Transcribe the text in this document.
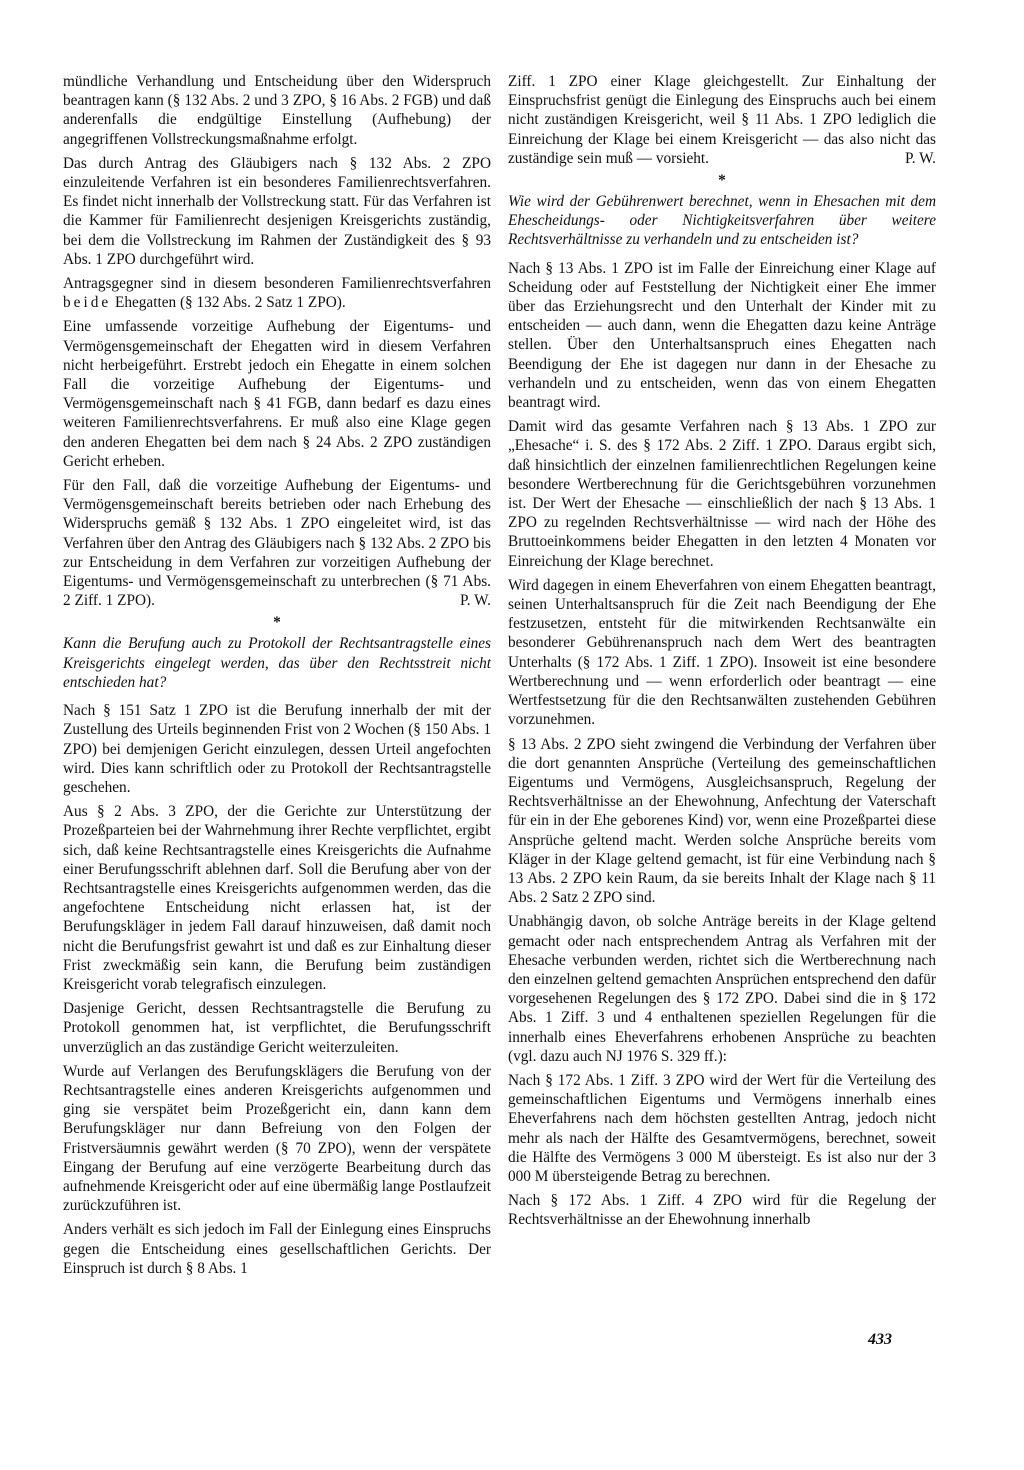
mündliche Verhandlung und Entscheidung über den Widerspruch beantragen kann (§ 132 Abs. 2 und 3 ZPO, § 16 Abs. 2 FGB) und daß anderenfalls die endgültige Einstellung (Aufhebung) der angegriffenen Vollstreckungsmaßnahme erfolgt.

Das durch Antrag des Gläubigers nach § 132 Abs. 2 ZPO einzuleitende Verfahren ist ein besonderes Familienrechtsverfahren. Es findet nicht innerhalb der Vollstreckung statt. Für das Verfahren ist die Kammer für Familienrecht desjenigen Kreisgerichts zuständig, bei dem die Vollstreckung im Rahmen der Zuständigkeit des § 93 Abs. 1 ZPO durchgeführt wird.

Antragsgegner sind in diesem besonderen Familienrechtsverfahren beide Ehegatten (§ 132 Abs. 2 Satz 1 ZPO).

Eine umfassende vorzeitige Aufhebung der Eigentums- und Vermögensgemeinschaft der Ehegatten wird in diesem Verfahren nicht herbeigeführt. Erstrebt jedoch ein Ehegatte in einem solchen Fall die vorzeitige Aufhebung der Eigentums- und Vermögensgemeinschaft nach § 41 FGB, dann bedarf es dazu eines weiteren Familienrechtsverfahrens. Er muß also eine Klage gegen den anderen Ehegatten bei dem nach § 24 Abs. 2 ZPO zuständigen Gericht erheben.

Für den Fall, daß die vorzeitige Aufhebung der Eigentums- und Vermögensgemeinschaft bereits betrieben oder nach Erhebung des Widerspruchs gemäß § 132 Abs. 1 ZPO eingeleitet wird, ist das Verfahren über den Antrag des Gläubigers nach § 132 Abs. 2 ZPO bis zur Entscheidung in dem Verfahren zur vorzeitigen Aufhebung der Eigentums- und Vermögensgemeinschaft zu unterbrechen (§ 71 Abs. 2 Ziff. 1 ZPO).	P. W.

*

Kann die Berufung auch zu Protokoll der Rechtsantragstelle eines Kreisgerichts eingelegt werden, das über den Rechtsstreit nicht entschieden hat?

Nach § 151 Satz 1 ZPO ist die Berufung innerhalb der mit der Zustellung des Urteils beginnenden Frist von 2 Wochen (§ 150 Abs. 1 ZPO) bei demjenigen Gericht einzulegen, dessen Urteil angefochten wird. Dies kann schriftlich oder zu Protokoll der Rechtsantragstelle geschehen.

Aus § 2 Abs. 3 ZPO, der die Gerichte zur Unterstützung der Prozeßparteien bei der Wahrnehmung ihrer Rechte verpflichtet, ergibt sich, daß keine Rechtsantragstelle eines Kreisgerichts die Aufnahme einer Berufungsschrift ablehnen darf. Soll die Berufung aber von der Rechtsantragstelle eines Kreisgerichts aufgenommen werden, das die angefochtene Entscheidung nicht erlassen hat, ist der Berufungskläger in jedem Fall darauf hinzuweisen, daß damit noch nicht die Berufungsfrist gewahrt ist und daß es zur Einhaltung dieser Frist zweckmäßig sein kann, die Berufung beim zuständigen Kreisgericht vorab telegrafisch einzulegen.

Dasjenige Gericht, dessen Rechtsantragstelle die Berufung zu Protokoll genommen hat, ist verpflichtet, die Berufungsschrift unverzüglich an das zuständige Gericht weiterzuleiten.

Wurde auf Verlangen des Berufungsklägers die Berufung von der Rechtsantragstelle eines anderen Kreisgerichts aufgenommen und ging sie verspätet beim Prozeßgericht ein, dann kann dem Berufungskläger nur dann Befreiung von den Folgen der Fristversäumnis gewährt werden (§ 70 ZPO), wenn der verspätete Eingang der Berufung auf eine verzögerte Bearbeitung durch das aufnehmende Kreisgericht oder auf eine übermäßig lange Postlaufzeit zurückzuführen ist.

Anders verhält es sich jedoch im Fall der Einlegung eines Einspruchs gegen die Entscheidung eines gesellschaftlichen Gerichts. Der Einspruch ist durch § 8 Abs. 1

Ziff. 1 ZPO einer Klage gleichgestellt. Zur Einhaltung der Einspruchsfrist genügt die Einlegung des Einspruchs auch bei einem nicht zuständigen Kreisgericht, weil § 11 Abs. 1 ZPO lediglich die Einreichung der Klage bei einem Kreisgericht — das also nicht das zuständige sein muß — vorsieht.	P. W.

*

Wie wird der Gebührenwert berechnet, wenn in Ehesachen mit dem Ehescheidungs- oder Nichtigkeitsverfahren über weitere Rechtsverhältnisse zu verhandeln und zu entscheiden ist?

Nach § 13 Abs. 1 ZPO ist im Falle der Einreichung einer Klage auf Scheidung oder auf Feststellung der Nichtigkeit einer Ehe immer über das Erziehungsrecht und den Unterhalt der Kinder mit zu entscheiden — auch dann, wenn die Ehegatten dazu keine Anträge stellen. Über den Unterhaltsanspruch eines Ehegatten nach Beendigung der Ehe ist dagegen nur dann in der Ehesache zu verhandeln und zu entscheiden, wenn das von einem Ehegatten beantragt wird.

Damit wird das gesamte Verfahren nach § 13 Abs. 1 ZPO zur „Ehesache“ i. S. des § 172 Abs. 2 Ziff. 1 ZPO. Daraus ergibt sich, daß hinsichtlich der einzelnen familienrechtlichen Regelungen keine besondere Wertberechnung für die Gerichtsgebühren vorzunehmen ist. Der Wert der Ehesache — einschließlich der nach § 13 Abs. 1 ZPO zu regelnden Rechtsverhältnisse — wird nach der Höhe des Bruttoeinkommens beider Ehegatten in den letzten 4 Monaten vor Einreichung der Klage berechnet.

Wird dagegen in einem Eheverfahren von einem Ehegatten beantragt, seinen Unterhaltsanspruch für die Zeit nach Beendigung der Ehe festzusetzen, entsteht für die mitwirkenden Rechtsanwälte ein besonderer Gebührenanspruch nach dem Wert des beantragten Unterhalts (§ 172 Abs. 1 Ziff. 1 ZPO). Insoweit ist eine besondere Wertberechnung und — wenn erforderlich oder beantragt — eine Wertfestsetzung für die den Rechtsanwälten zustehenden Gebühren vorzunehmen.

§ 13 Abs. 2 ZPO sieht zwingend die Verbindung der Verfahren über die dort genannten Ansprüche (Verteilung des gemeinschaftlichen Eigentums und Vermögens, Ausgleichsanspruch, Regelung der Rechtsverhältnisse an der Ehewohnung, Anfechtung der Vaterschaft für ein in der Ehe geborenes Kind) vor, wenn eine Prozeßpartei diese Ansprüche geltend macht. Werden solche Ansprüche bereits vom Kläger in der Klage geltend gemacht, ist für eine Verbindung nach § 13 Abs. 2 ZPO kein Raum, da sie bereits Inhalt der Klage nach § 11 Abs. 2 Satz 2 ZPO sind.

Unabhängig davon, ob solche Anträge bereits in der Klage geltend gemacht oder nach entsprechendem Antrag als Verfahren mit der Ehesache verbunden werden, richtet sich die Wertberechnung nach den einzelnen geltend gemachten Ansprüchen entsprechend den dafür vorgesehenen Regelungen des § 172 ZPO. Dabei sind die in § 172 Abs. 1 Ziff. 3 und 4 enthaltenen speziellen Regelungen für die innerhalb eines Eheverfahrens erhobenen Ansprüche zu beachten (vgl. dazu auch NJ 1976 S. 329 ff.):

Nach § 172 Abs. 1 Ziff. 3 ZPO wird der Wert für die Verteilung des gemeinschaftlichen Eigentums und Vermögens innerhalb eines Eheverfahrens nach dem höchsten gestellten Antrag, jedoch nicht mehr als nach der Hälfte des Gesamtvermögens, berechnet, soweit die Hälfte des Vermögens 3 000 M übersteigt. Es ist also nur der 3 000 M übersteigende Betrag zu berechnen.

Nach § 172 Abs. 1 Ziff. 4 ZPO wird für die Regelung der Rechtsverhältnisse an der Ehewohnung innerhalb

433
